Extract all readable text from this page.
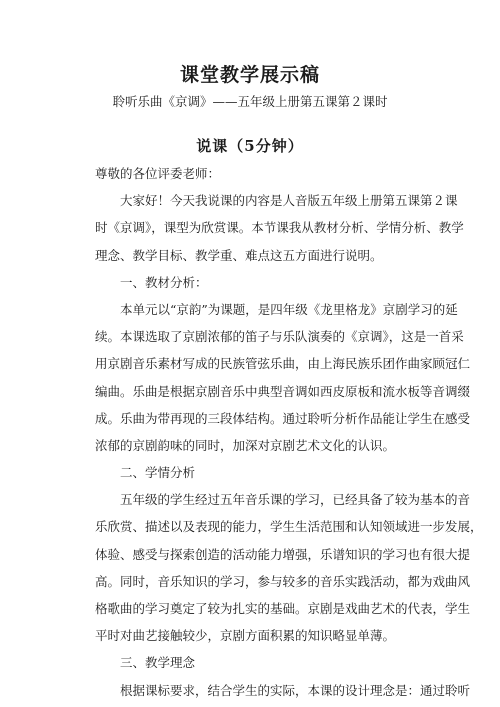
课堂教学展示稿
聆听乐曲《京调》——五年级上册第五课第２课时
说课（5分钟）
尊敬的各位评委老师：
大家好！今天我说课的内容是人音版五年级上册第五课第２课
时《京调》，课型为欣赏课。本节课我从教材分析、学情分析、教学
理念、教学目标、教学重、难点这五方面进行说明。
一、教材分析：
本单元以“京韵”为课题，是四年级《龙里格龙》京剧学习的延
续。本课选取了京剧浓郁的笛子与乐队演奏的《京调》，这是一首采
用京剧音乐素材写成的民族管弦乐曲，由上海民族乐团作曲家顾冠仁
编曲。乐曲是根据京剧音乐中典型音调如西皮原板和流水板等音调缀
成。乐曲为带再现的三段体结构。通过聆听分析作品能让学生在感受
浓郁的京剧韵味的同时，加深对京剧艺术文化的认识。
二、学情分析
五年级的学生经过五年音乐课的学习，已经具备了较为基本的音
乐欣赏、描述以及表现的能力，学生生活范围和认知领域进一步发展，
体验、感受与探索创造的活动能力增强，乐谱知识的学习也有很大提
高。同时，音乐知识的学习，参与较多的音乐实践活动，都为戏曲风
格歌曲的学习奠定了较为扎实的基础。京剧是戏曲艺术的代表，学生
平时对曲艺接触较少，京剧方面积累的知识略显单薄。
三、教学理念
根据课标要求，结合学生的实际，本课的设计理念是：通过聆听
